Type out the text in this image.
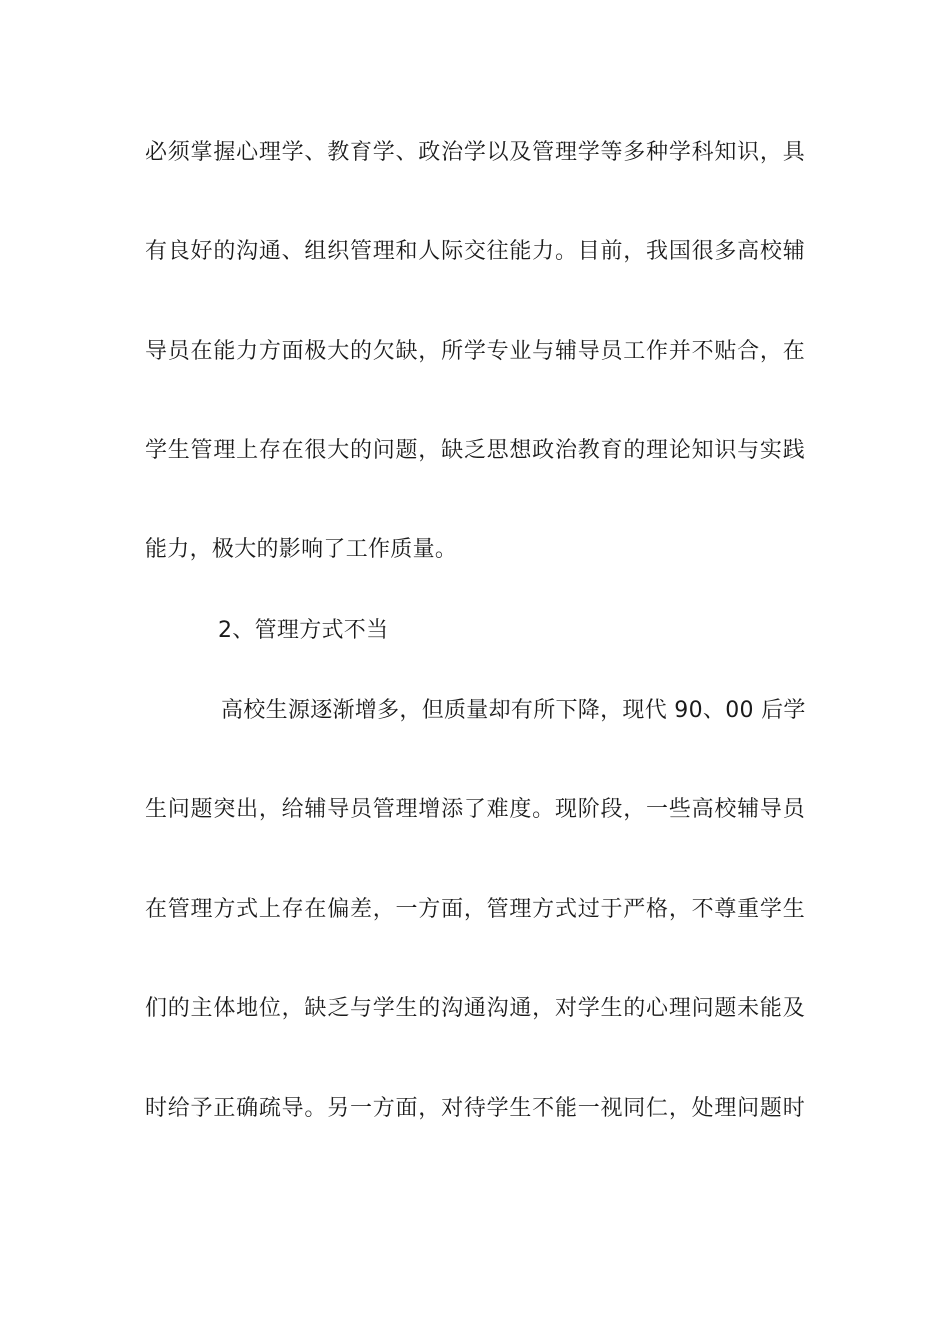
必须掌握心理学、教育学、政治学以及管理学等多种学科知识，具
有良好的沟通、组织管理和人际交往能力。目前，我国很多高校辅
导员在能力方面极大的欠缺，所学专业与辅导员工作并不贴合，在
学生管理上存在很大的问题，缺乏思想政治教育的理论知识与实践
能力，极大的影响了工作质量。
2、管理方式不当
高校生源逐渐增多，但质量却有所下降，现代 90、00 后学
生问题突出，给辅导员管理增添了难度。现阶段，一些高校辅导员
在管理方式上存在偏差，一方面，管理方式过于严格，不尊重学生
们的主体地位，缺乏与学生的沟通沟通，对学生的心理问题未能及
时给予正确疏导。另一方面，对待学生不能一视同仁，处理问题时
